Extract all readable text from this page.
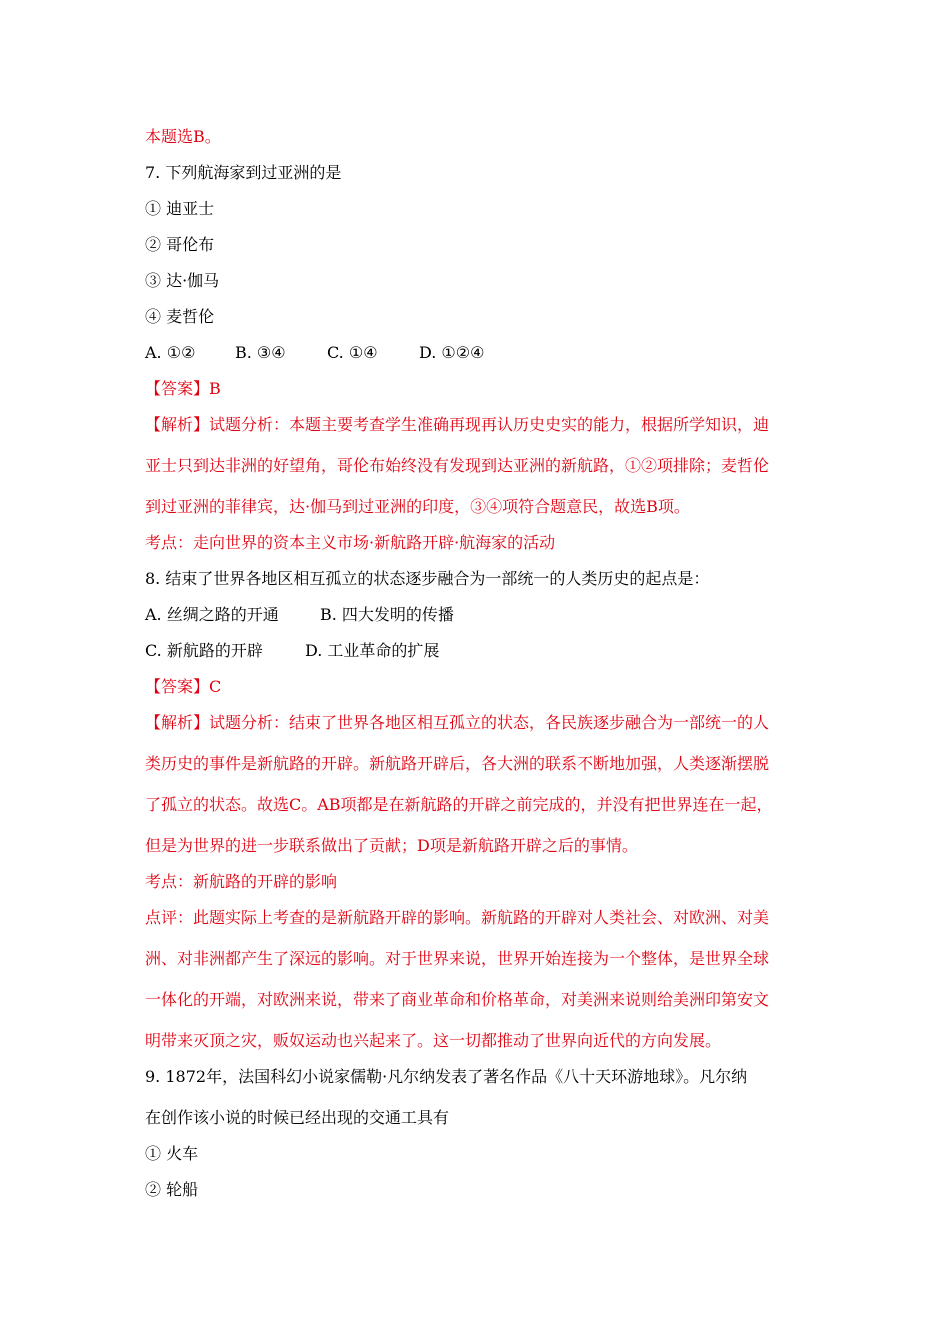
本题选B。
7. 下列航海家到过亚洲的是
① 迪亚士
② 哥伦布
③ 达·伽马
④ 麦哲伦
A. ①② B. ③④	C. ①④	D. ①②④
【答案】B
【解析】试题分析：本题主要考查学生准确再现再认历史史实的能力，根据所学知识，迪
亚士只到达非洲的好望角，哥伦布始终没有发现到达亚洲的新航路，①②项排除；麦哲伦
到过亚洲的菲律宾，达·伽马到过亚洲的印度，③④项符合题意民，故选B项。
考点：走向世界的资本主义市场·新航路开辟·航海家的活动
8. 结束了世界各地区相互孤立的状态逐步融合为一部统一的人类历史的起点是：
A. 丝绸之路的开通	B. 四大发明的传播
C. 新航路的开辟	D. 工业革命的扩展
【答案】C
【解析】试题分析：结束了世界各地区相互孤立的状态，各民族逐步融合为一部统一的人
类历史的事件是新航路的开辟。新航路开辟后，各大洲的联系不断地加强，人类逐渐摆脱
了孤立的状态。故选C。AB项都是在新航路的开辟之前完成的，并没有把世界连在一起，
但是为世界的进一步联系做出了贡献；D项是新航路开辟之后的事情。
考点：新航路的开辟的影响
点评：此题实际上考查的是新航路开辟的影响。新航路的开辟对人类社会、对欧洲、对美
洲、对非洲都产生了深远的影响。对于世界来说，世界开始连接为一个整体，是世界全球
一体化的开端，对欧洲来说，带来了商业革命和价格革命，对美洲来说则给美洲印第安文
明带来灭顶之灾，贩奴运动也兴起来了。这一切都推动了世界向近代的方向发展。
9. 1872年，法国科幻小说家儒勒·凡尔纳发表了著名作品《八十天环游地球》。凡尔纳
在创作该小说的时候已经出现的交通工具有
① 火车
② 轮船
